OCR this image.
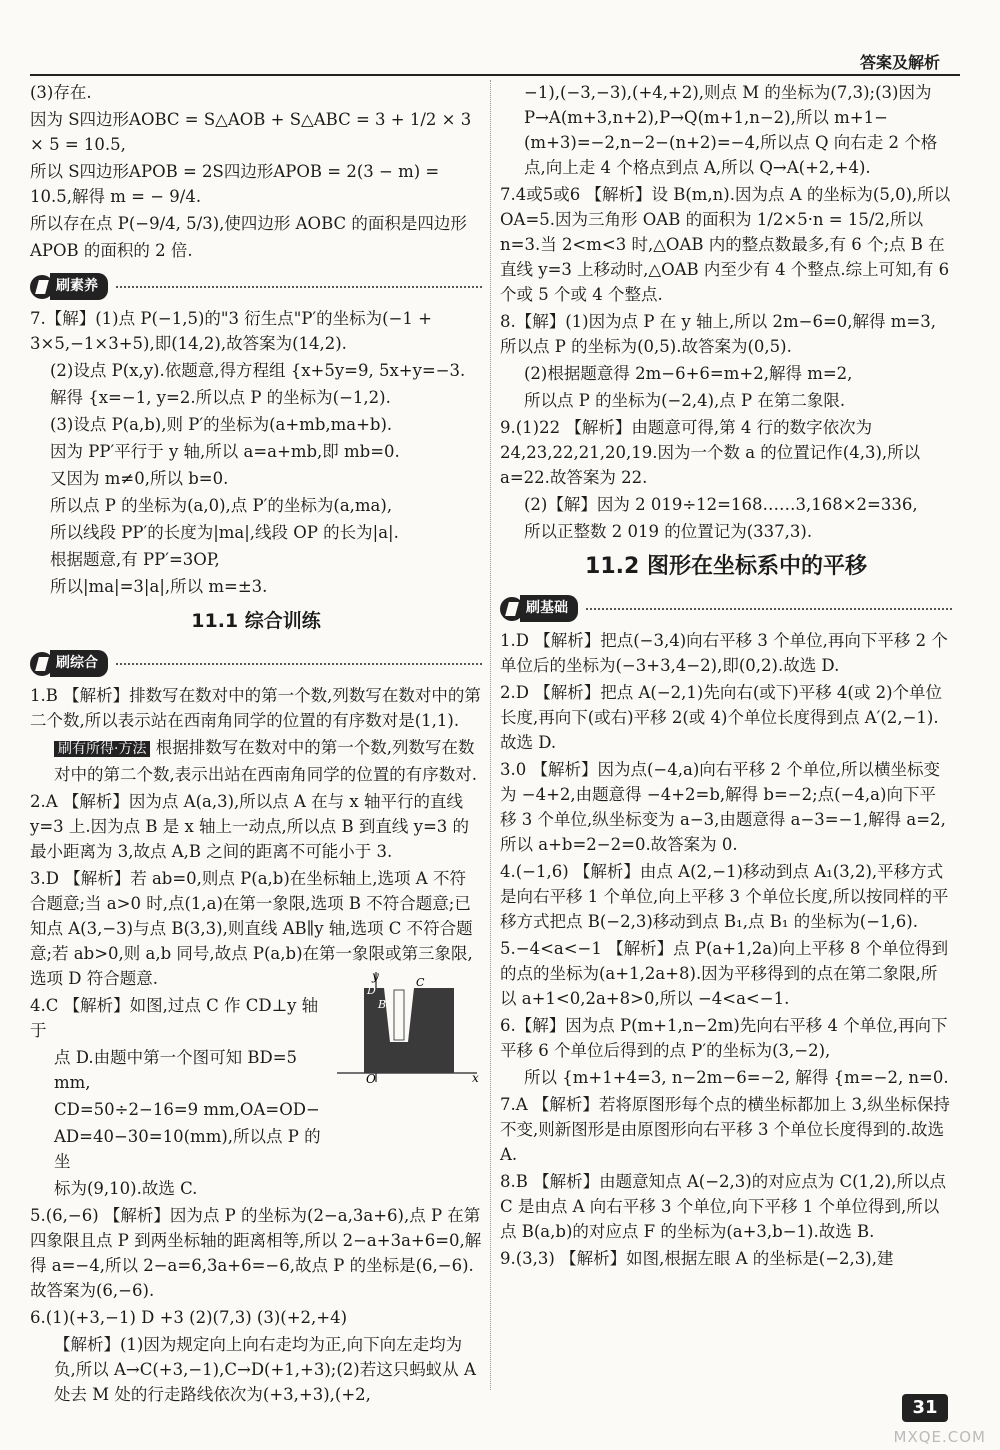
答案及解析

(3)存在.

因为 S四边形AOBC = S△AOB + S△ABC = 3 + 1/2 × 3 × 5 = 10.5,

所以 S四边形APOB = 2S四边形APOB = 2(3 − m) = 10.5,解得 m = − 9/4.

所以存在点 P(−9/4, 5/3),使四边形 AOBC 的面积是四边形

APOB 的面积的 2 倍.

刷素养

7.【解】(1)点 P(−1,5)的"3 衍生点"P′的坐标为(−1 + 3×5,−1×3+5),即(14,2),故答案为(14,2).

(2)设点 P(x,y).依题意,得方程组 {x+5y=9, 5x+y=−3.

解得 {x=−1, y=2.所以点 P 的坐标为(−1,2).

(3)设点 P(a,b),则 P′的坐标为(a+mb,ma+b).

因为 PP′平行于 y 轴,所以 a=a+mb,即 mb=0.

又因为 m≠0,所以 b=0.

所以点 P 的坐标为(a,0),点 P′的坐标为(a,ma),

所以线段 PP′的长度为|ma|,线段 OP 的长为|a|.

根据题意,有 PP′=3OP,

所以|ma|=3|a|,所以 m=±3.

11.1 综合训练
刷综合

1.B 【解析】排数写在数对中的第一个数,列数写在数对中的第二个数,所以表示站在西南角同学的位置的有序数对是(1,1).

刷有所得·方法 根据排数写在数对中的第一个数,列数写在数对中的第二个数,表示出站在西南角同学的位置的有序数对.

2.A 【解析】因为点 A(a,3),所以点 A 在与 x 轴平行的直线 y=3 上.因为点 B 是 x 轴上一动点,所以点 B 到直线 y=3 的最小距离为 3,故点 A,B 之间的距离不可能小于 3.

3.D 【解析】若 ab=0,则点 P(a,b)在坐标轴上,选项 A 不符合题意;当 a>0 时,点(1,a)在第一象限,选项 B 不符合题意;已知点 A(3,−3)与点 B(3,3),则直线 AB∥y 轴,选项 C 不符合题意;若 ab>0,则 a,b 同号,故点 P(a,b)在第一象限或第三象限,选项 D 符合题意.

4.C 【解析】如图,过点 C 作 CD⊥y 轴于

点 D.由题中第一个图可知 BD=5 mm,

CD=50÷2−16=9 mm,OA=OD−

AD=40−30=10(mm),所以点 P 的坐

标为(9,10).故选 C.

5.(6,−6) 【解析】因为点 P 的坐标为(2−a,3a+6),点 P 在第四象限且点 P 到两坐标轴的距离相等,所以 2−a+3a+6=0,解得 a=−4,所以 2−a=6,3a+6=−6,故点 P 的坐标是(6,−6).故答案为(6,−6).

6.(1)(+3,−1) D +3 (2)(7,3) (3)(+2,+4)

【解析】(1)因为规定向上向右走均为正,向下向左走均为负,所以 A→C(+3,−1),C→D(+1,+3);(2)若这只蚂蚁从 A 处去 M 处的行走路线依次为(+3,+3),(+2,

y
x
O
D
C
B

−1),(−3,−3),(+4,+2),则点 M 的坐标为(7,3);(3)因为 P→A(m+3,n+2),P→Q(m+1,n−2),所以 m+1−(m+3)=−2,n−2−(n+2)=−4,所以点 Q 向右走 2 个格点,向上走 4 个格点到点 A,所以 Q→A(+2,+4).

7.4或5或6 【解析】设 B(m,n).因为点 A 的坐标为(5,0),所以 OA=5.因为三角形 OAB 的面积为 1/2×5·n = 15/2,所以 n=3.当 2<m<3 时,△OAB 内的整点数最多,有 6 个;点 B 在直线 y=3 上移动时,△OAB 内至少有 4 个整点.综上可知,有 6 个或 5 个或 4 个整点.

8.【解】(1)因为点 P 在 y 轴上,所以 2m−6=0,解得 m=3,所以点 P 的坐标为(0,5).故答案为(0,5).

(2)根据题意得 2m−6+6=m+2,解得 m=2,

所以点 P 的坐标为(−2,4),点 P 在第二象限.

9.(1)22 【解析】由题意可得,第 4 行的数字依次为 24,23,22,21,20,19.因为一个数 a 的位置记作(4,3),所以 a=22.故答案为 22.

(2)【解】因为 2 019÷12=168……3,168×2=336,

所以正整数 2 019 的位置记为(337,3).

11.2 图形在坐标系中的平移
刷基础

1.D 【解析】把点(−3,4)向右平移 3 个单位,再向下平移 2 个单位后的坐标为(−3+3,4−2),即(0,2).故选 D.

2.D 【解析】把点 A(−2,1)先向右(或下)平移 4(或 2)个单位长度,再向下(或右)平移 2(或 4)个单位长度得到点 A′(2,−1).故选 D.

3.0 【解析】因为点(−4,a)向右平移 2 个单位,所以横坐标变为 −4+2,由题意得 −4+2=b,解得 b=−2;点(−4,a)向下平移 3 个单位,纵坐标变为 a−3,由题意得 a−3=−1,解得 a=2,所以 a+b=2−2=0.故答案为 0.

4.(−1,6) 【解析】由点 A(2,−1)移动到点 A₁(3,2),平移方式是向右平移 1 个单位,向上平移 3 个单位长度,所以按同样的平移方式把点 B(−2,3)移动到点 B₁,点 B₁ 的坐标为(−1,6).

5.−4<a<−1 【解析】点 P(a+1,2a)向上平移 8 个单位得到的点的坐标为(a+1,2a+8).因为平移得到的点在第二象限,所以 a+1<0,2a+8>0,所以 −4<a<−1.

6.【解】因为点 P(m+1,n−2m)先向右平移 4 个单位,再向下平移 6 个单位后得到的点 P′的坐标为(3,−2),

所以 {m+1+4=3, n−2m−6=−2, 解得 {m=−2, n=0.

7.A 【解析】若将原图形每个点的横坐标都加上 3,纵坐标保持不变,则新图形是由原图形向右平移 3 个单位长度得到的.故选 A.

8.B 【解析】由题意知点 A(−2,3)的对应点为 C(1,2),所以点 C 是由点 A 向右平移 3 个单位,向下平移 1 个单位得到,所以点 B(a,b)的对应点 F 的坐标为(a+3,b−1).故选 B.

9.(3,3) 【解析】如图,根据左眼 A 的坐标是(−2,3),建

31
MXQE.COM
